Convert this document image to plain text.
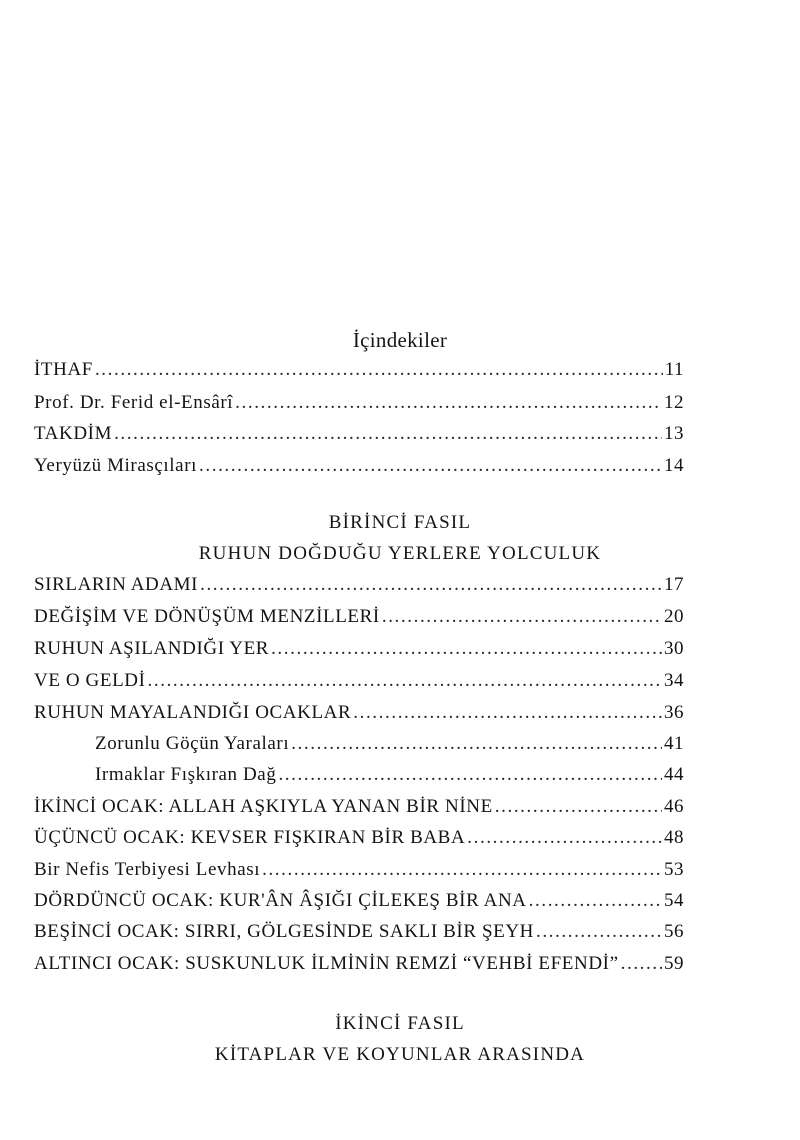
İçindekiler
İTHAF .....	11
Prof. Dr. Ferid el-Ensârî .....	12
TAKDİM .....	13
Yeryüzü Mirasçıları .....	14
BİRİNCİ FASIL
RUHUN DOĞDUĞU YERLERE YOLCULUK
SIRLARIN ADAMI .....	17
DEĞİŞİM VE DÖNÜŞÜM MENZİLLERİ .....	20
RUHUN AŞILANDIĞI YER .....	30
VE O GELDİ .....	34
RUHUN MAYALANDIĞI OCAKLAR .....	36
Zorunlu Göçün Yaraları .....	41
Irmaklar Fışkıran Dağ .....	44
İKİNCİ OCAK: ALLAH AŞKIYLA YANAN BİR NİNE .....	46
ÜÇÜNCÜ OCAK: KEVSER FIŞKIRAN BİR BABA .....	48
Bir Nefis Terbiyesi Levhası .....	53
DÖRDÜNCÜ OCAK: KUR'ÂN ÂŞIĞI ÇİLEKEŞ BİR ANA .....	54
BEŞİNCİ OCAK: SIRRI, GÖLGESİNDE SAKLI BİR ŞEYH .....	56
ALTINCI OCAK: SUSKUNLUK İLMİNİN REMZİ “VEHBİ EFENDİ” ..... 59
İKİNCİ FASIL
KİTAPLAR VE KOYUNLAR ARASINDA
